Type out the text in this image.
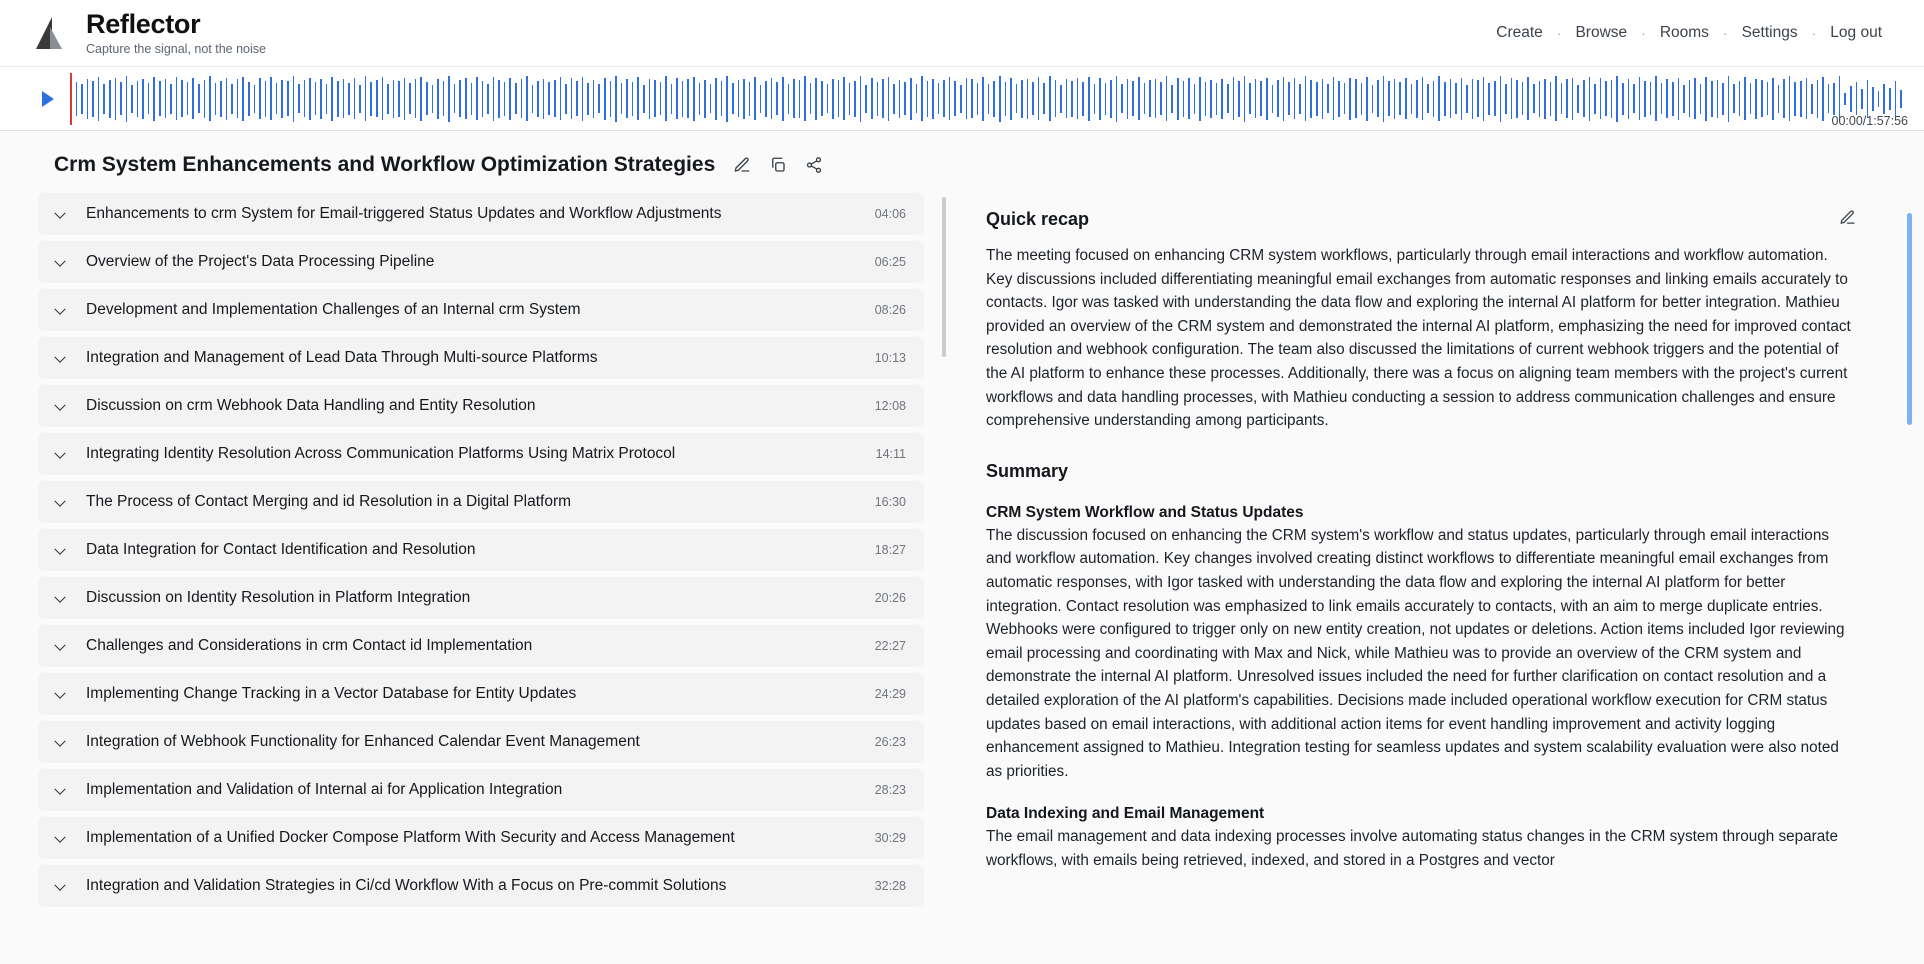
Reflector
Capture the signal, not the noise
Create	· Browse	· Rooms	· Settings	· Log out
00:00/1:57:56
Crm System Enhancements and Workflow Optimization Strategies
Enhancements to crm System for Email-triggered Status Updates and Workflow Adjustments	04:06
Overview of the Project's Data Processing Pipeline	06:25
Development and Implementation Challenges of an Internal crm System	08:26
Integration and Management of Lead Data Through Multi-source Platforms	10:13
Discussion on crm Webhook Data Handling and Entity Resolution	12:08
Integrating Identity Resolution Across Communication Platforms Using Matrix Protocol	14:11
The Process of Contact Merging and id Resolution in a Digital Platform	16:30
Data Integration for Contact Identification and Resolution	18:27
Discussion on Identity Resolution in Platform Integration	20:26
Challenges and Considerations in crm Contact id Implementation	22:27
Implementing Change Tracking in a Vector Database for Entity Updates	24:29
Integration of Webhook Functionality for Enhanced Calendar Event Management	26:23
Implementation and Validation of Internal ai for Application Integration	28:23
Implementation of a Unified Docker Compose Platform With Security and Access Management	30:29
Integration and Validation Strategies in Ci/cd Workflow With a Focus on Pre-commit Solutions	32:28
Quick recap

The meeting focused on enhancing CRM system workflows, particularly through email interactions and workflow automation. Key discussions included differentiating meaningful email exchanges from automatic responses and linking emails accurately to contacts. Igor was tasked with understanding the data flow and exploring the internal AI platform for better integration. Mathieu provided an overview of the CRM system and demonstrated the internal AI platform, emphasizing the need for improved contact resolution and webhook configuration. The team also discussed the limitations of current webhook triggers and the potential of the AI platform to enhance these processes. Additionally, there was a focus on aligning team members with the project's current workflows and data handling processes, with Mathieu conducting a session to address communication challenges and ensure comprehensive understanding among participants.

Summary
CRM System Workflow and Status Updates

The discussion focused on enhancing the CRM system's workflow and status updates, particularly through email interactions and workflow automation. Key changes involved creating distinct workflows to differentiate meaningful email exchanges from automatic responses, with Igor tasked with understanding the data flow and exploring the internal AI platform for better integration. Contact resolution was emphasized to link emails accurately to contacts, with an aim to merge duplicate entries. Webhooks were configured to trigger only on new entity creation, not updates or deletions. Action items included Igor reviewing email processing and coordinating with Max and Nick, while Mathieu was to provide an overview of the CRM system and demonstrate the internal AI platform. Unresolved issues included the need for further clarification on contact resolution and a detailed exploration of the AI platform's capabilities. Decisions made included operational workflow execution for CRM status updates based on email interactions, with additional action items for event handling improvement and activity logging enhancement assigned to Mathieu. Integration testing for seamless updates and system scalability evaluation were also noted as priorities.

Data Indexing and Email Management

The email management and data indexing processes involve automating status changes in the CRM system through separate workflows, with emails being retrieved, indexed, and stored in a Postgres and vector
